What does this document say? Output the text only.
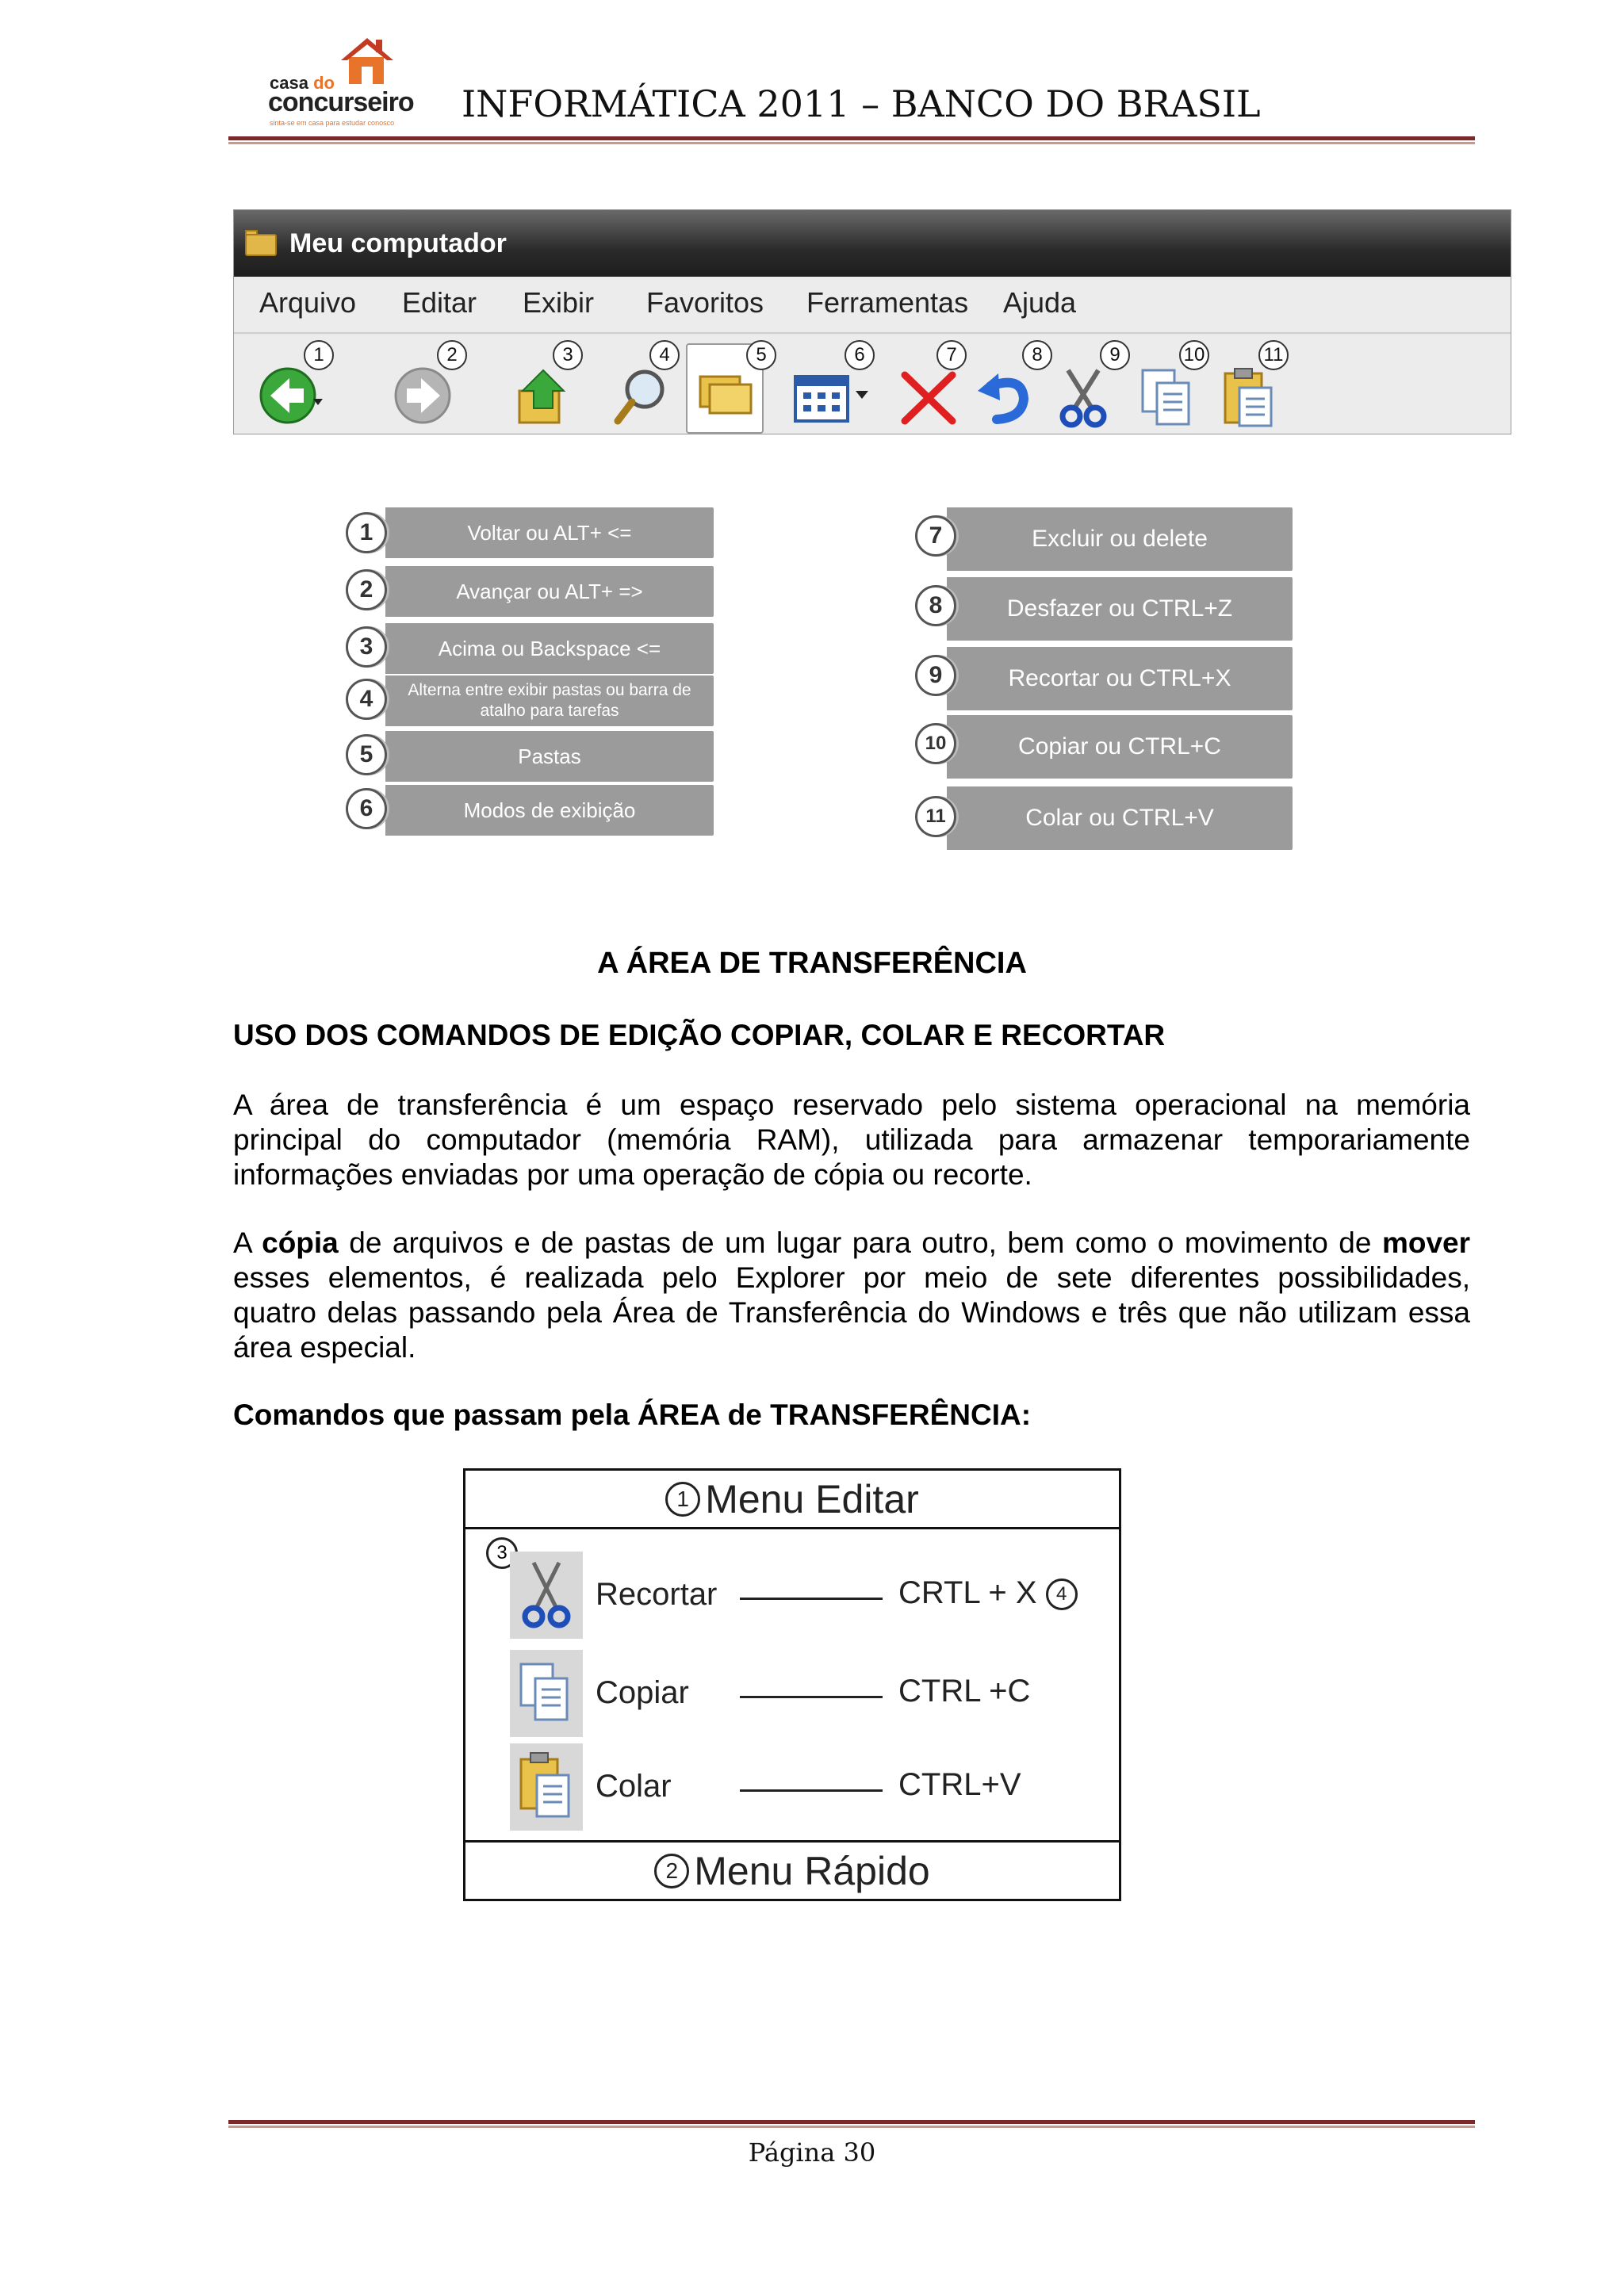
casa do
concurseiro
sinta-se em casa para estudar conosco INFORMÁTICA 2011 – BANCO DO BRASIL
Meu computador
Arquivo Editar Exibir Favoritos Ferramentas Ajuda
1	2	3	4	5	6	7	8	9	10	11
Voltar ou ALT+ <=
1
Avançar ou ALT+ =>
2
Acima ou Backspace <=
3
Alterna entre exibir pastas ou barra de atalho para tarefas
4
Pastas
5
Modos de exibição
6
Excluir ou delete
7
Desfazer ou CTRL+Z
8
Recortar ou CTRL+X
9
Copiar ou CTRL+C
10
Colar ou CTRL+V
11
A ÁREA DE TRANSFERÊNCIA
USO DOS COMANDOS DE EDIÇÃO COPIAR, COLAR E RECORTAR
A área de transferência é um espaço reservado pelo sistema operacional na memória
principal do computador (memória RAM), utilizada para armazenar temporariamente
informações enviadas por uma operação de cópia ou recorte.
A cópia de arquivos e de pastas de um lugar para outro, bem como o movimento de mover
esses elementos, é realizada pelo Explorer por meio de sete diferentes possibilidades,
quatro delas passando pela Área de Transferência do Windows e três que não utilizam essa
área especial.
Comandos que passam pela ÁREA de TRANSFERÊNCIA:
1 Menu Editar
3
Recortar	CRTL + X 4
Copiar	CTRL +C
Colar	CTRL+V
2 Menu Rápido
Página 30
